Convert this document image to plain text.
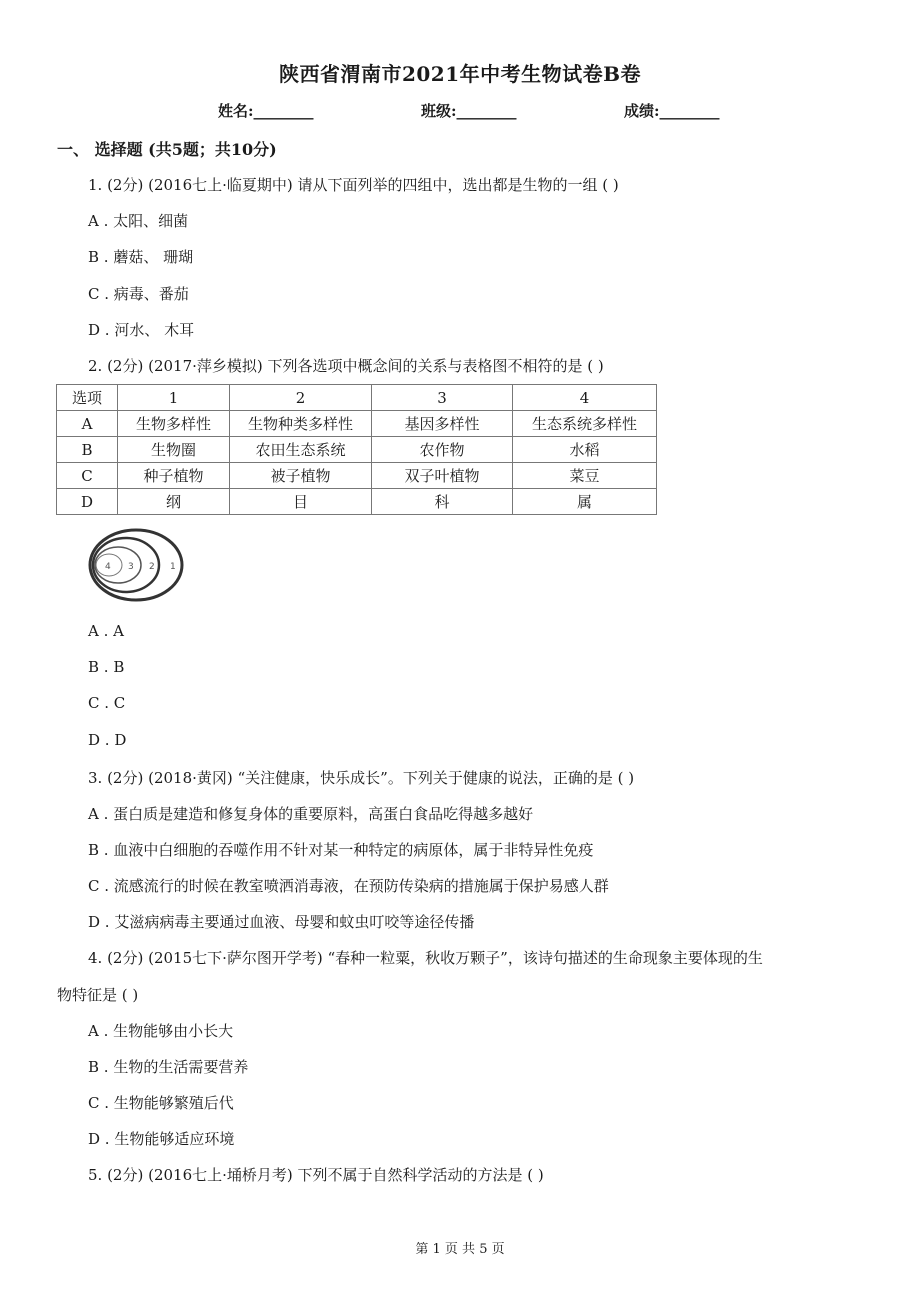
陕西省渭南市2021年中考生物试卷B卷
姓名:________	班级:________	成绩:________
一、 选择题 (共5题；共10分)
1. (2分) (2016七上·临夏期中) 请从下面列举的四组中，选出都是生物的一组 ( )
A . 太阳、细菌
B . 蘑菇、 珊瑚
C . 病毒、番茄
D . 河水、 木耳
2. (2分) (2017·萍乡模拟) 下列各选项中概念间的关系与表格图不相符的是 ( )
选项	1	2	3	4
A	生物多样性	生物种类多样性	基因多样性	生态系统多样性
B	生物圈	农田生态系统	农作物	水稻
C	种子植物	被子植物	双子叶植物	菜豆
D	纲	目	科	属
4 3 2 1
A . A
B . B
C . C
D . D
3. (2分) (2018·黄冈) “关注健康，快乐成长”。下列关于健康的说法，正确的是 ( )
A . 蛋白质是建造和修复身体的重要原料，高蛋白食品吃得越多越好
B . 血液中白细胞的吞噬作用不针对某一种特定的病原体，属于非特异性免疫
C . 流感流行的时候在教室喷洒消毒液，在预防传染病的措施属于保护易感人群
D . 艾滋病病毒主要通过血液、母婴和蚊虫叮咬等途径传播
4. (2分) (2015七下·萨尔图开学考) “春种一粒粟，秋收万颗子”，该诗句描述的生命现象主要体现的生
物特征是 ( )
A . 生物能够由小长大
B . 生物的生活需要营养
C . 生物能够繁殖后代
D . 生物能够适应环境
5. (2分) (2016七上·埇桥月考) 下列不属于自然科学活动的方法是 ( )
第 1 页 共 5 页
